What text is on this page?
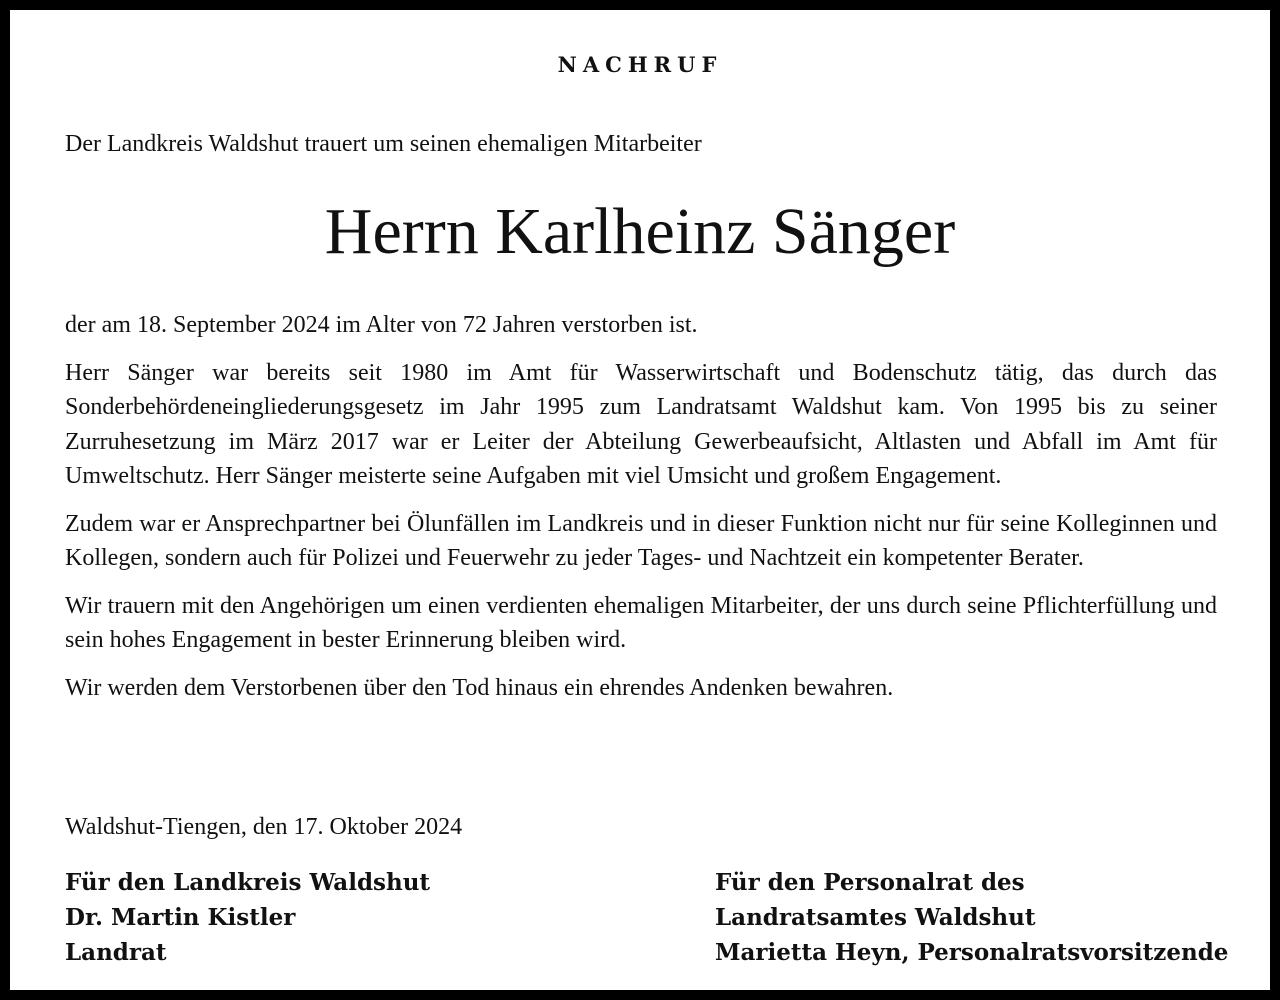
NACHRUF

Der Landkreis Waldshut trauert um seinen ehemaligen Mitarbeiter

Herrn Karlheinz Sänger

der am 18. September 2024 im Alter von 72 Jahren verstorben ist.

Herr Sänger war bereits seit 1980 im Amt für Wasserwirtschaft und Bodenschutz tätig, das durch das Sonderbehördeneingliederungsgesetz im Jahr 1995 zum Landratsamt Waldshut kam. Von 1995 bis zu seiner Zurruhesetzung im März 2017 war er Leiter der Abteilung Gewerbeaufsicht, Altlasten und Abfall im Amt für Umweltschutz. Herr Sänger meisterte seine Aufgaben mit viel Umsicht und großem Engagement.

Zudem war er Ansprechpartner bei Ölunfällen im Landkreis und in dieser Funktion nicht nur für seine Kolleginnen und Kollegen, sondern auch für Polizei und Feuerwehr zu jeder Tages- und Nachtzeit ein kompetenter Berater.

Wir trauern mit den Angehörigen um einen verdienten ehemaligen Mitarbeiter, der uns durch seine Pflichterfüllung und sein hohes Engagement in bester Erinnerung bleiben wird.

Wir werden dem Verstorbenen über den Tod hinaus ein ehrendes Andenken bewahren.

Waldshut-Tiengen, den 17. Oktober 2024

Für den Landkreis Waldshut
Dr. Martin Kistler
Landrat
Für den Personalrat des
Landratsamtes Waldshut
Marietta Heyn, Personalratsvorsitzende
